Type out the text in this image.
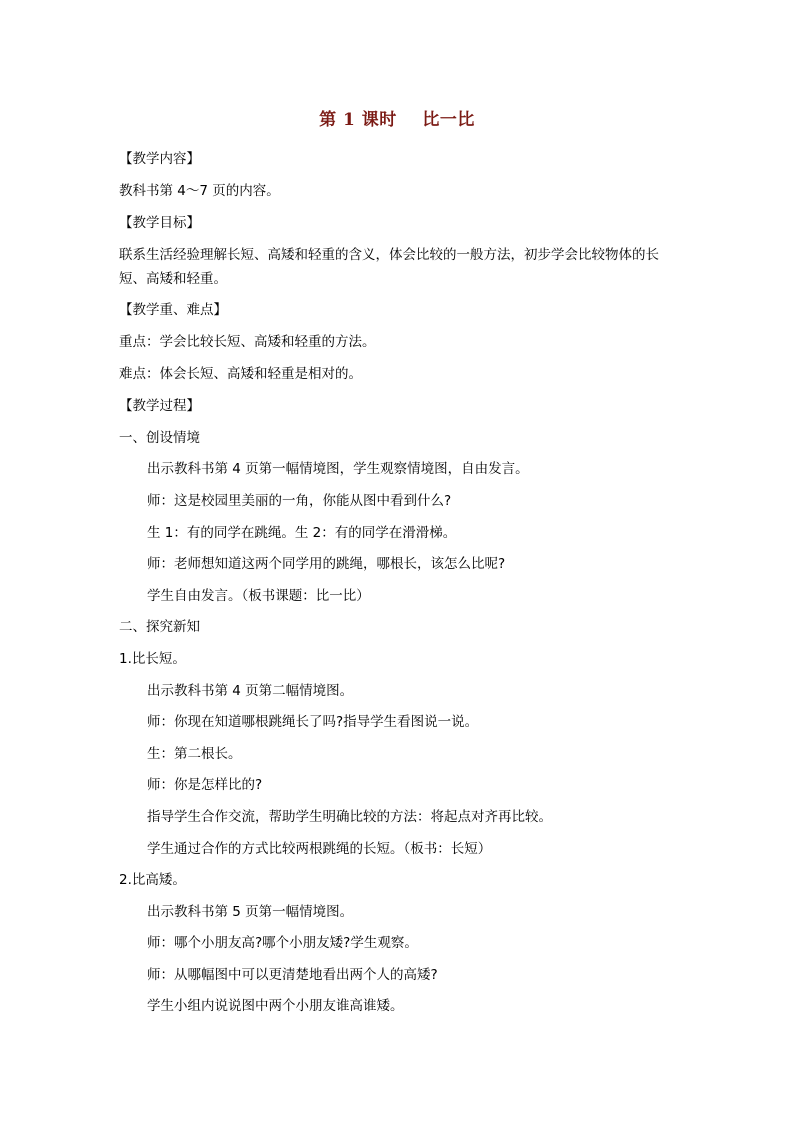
第 1 课时    比一比
【教学内容】
教科书第 4～7 页的内容。
【教学目标】
联系生活经验理解长短、高矮和轻重的含义，体会比较的一般方法，初步学会比较物体的长
短、高矮和轻重。
【教学重、难点】
重点：学会比较长短、高矮和轻重的方法。
难点：体会长短、高矮和轻重是相对的。
【教学过程】
一、创设情境
出示教科书第 4 页第一幅情境图，学生观察情境图，自由发言。
师：这是校园里美丽的一角，你能从图中看到什么?
生 1：有的同学在跳绳。生 2：有的同学在滑滑梯。
师：老师想知道这两个同学用的跳绳，哪根长，该怎么比呢?
学生自由发言。（板书课题：比一比）
二、探究新知
1.比长短。
出示教科书第 4 页第二幅情境图。
师：你现在知道哪根跳绳长了吗?指导学生看图说一说。
生：第二根长。
师：你是怎样比的?
指导学生合作交流，帮助学生明确比较的方法：将起点对齐再比较。
学生通过合作的方式比较两根跳绳的长短。（板书：长短）
2.比高矮。
出示教科书第 5 页第一幅情境图。
师：哪个小朋友高?哪个小朋友矮?学生观察。
师：从哪幅图中可以更清楚地看出两个人的高矮?
学生小组内说说图中两个小朋友谁高谁矮。
